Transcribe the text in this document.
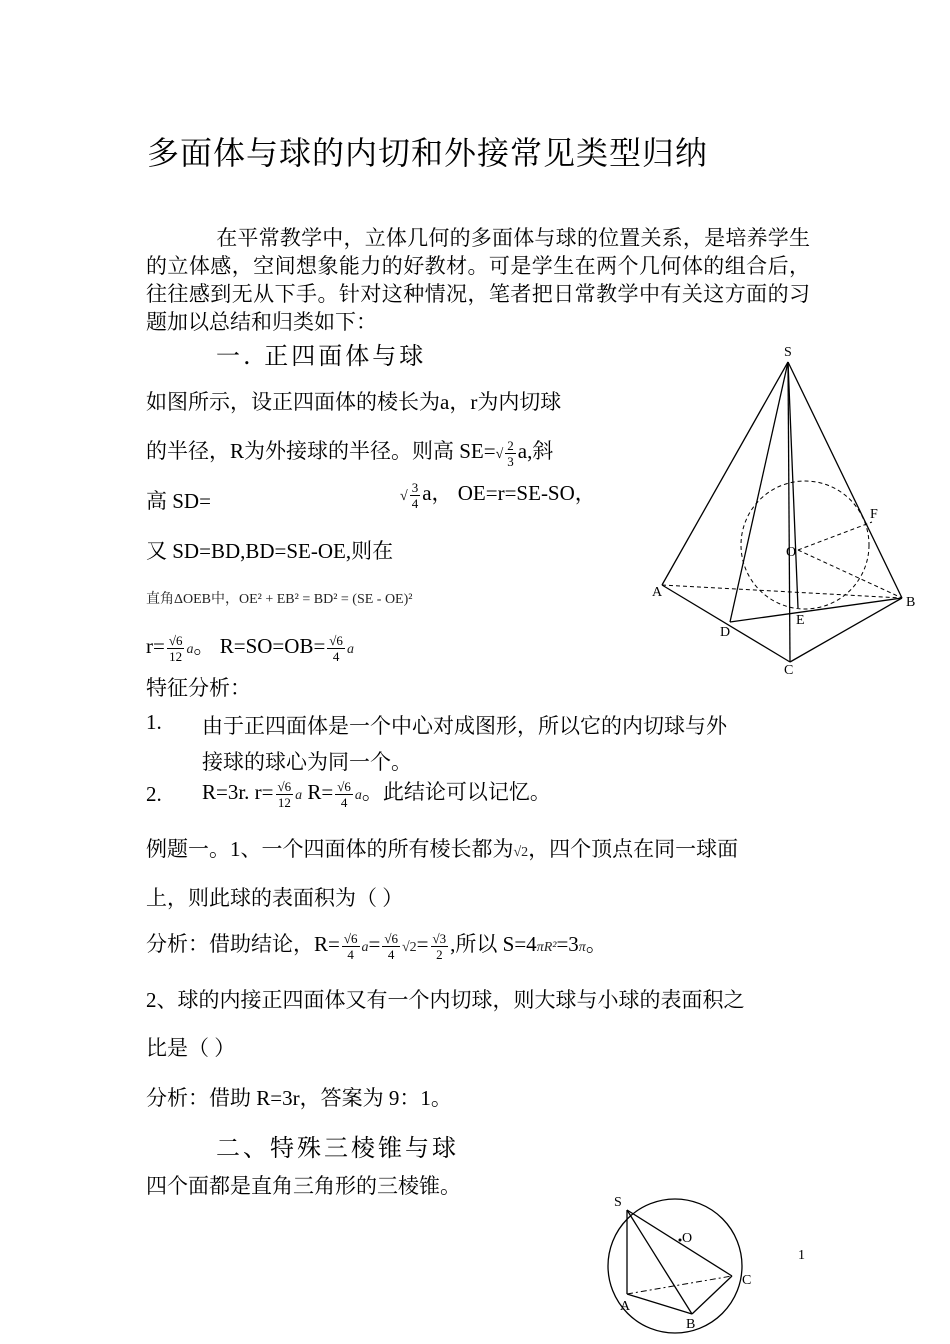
多面体与球的内切和外接常见类型归纳
在平常教学中，立体几何的多面体与球的位置关系，是培养学生的立体感，空间想象能力的好教材。可是学生在两个几何体的组合后，往往感到无从下手。针对这种情况，笔者把日常教学中有关这方面的习题加以总结和归类如下：
一. 正四面体与球
如图所示，设正四面体的棱长为a，r为内切球
的半径，R为外接球的半径。则高 $SE=√ \frac{2}{3} a$,斜
高 SD=	√ $\frac{3}{4}$ a， OE=r=SE-SO，
又 SD=BD,BD=SE-OE,则在
直角ΔOEB中，OE² + EB² = BD² = (SE - OE)²
$r= \frac{√6}{12}$ a。 $R=SO=OB= \frac{√6}{4}$ a
特征分析：
1. 由于正四面体是一个中心对成图形，所以它的内切球与外
接球的球心为同一个。
2. R=3r. $r= \frac{√6}{12}$ a $R= \frac{√6}{4}$ a。此结论可以记忆。
例题一。1、一个四面体的所有棱长都为√2，四个顶点在同一球面
上，则此球的表面积为（ ）
分析：借助结论，$R= \frac{√6}{4} a= \frac{√6}{4} √2= \frac{√3}{2}$ ,所以 S=4πR²=3π。
2、球的内接正四面体又有一个内切球，则大球与小球的表面积之
比是（ ）
分析：借助 R=3r，答案为 9：1。
二、特殊三棱锥与球
四个面都是直角三角形的三棱锥。
S
F
O
A
B
D
E
C
S
O
C
A
B
1
